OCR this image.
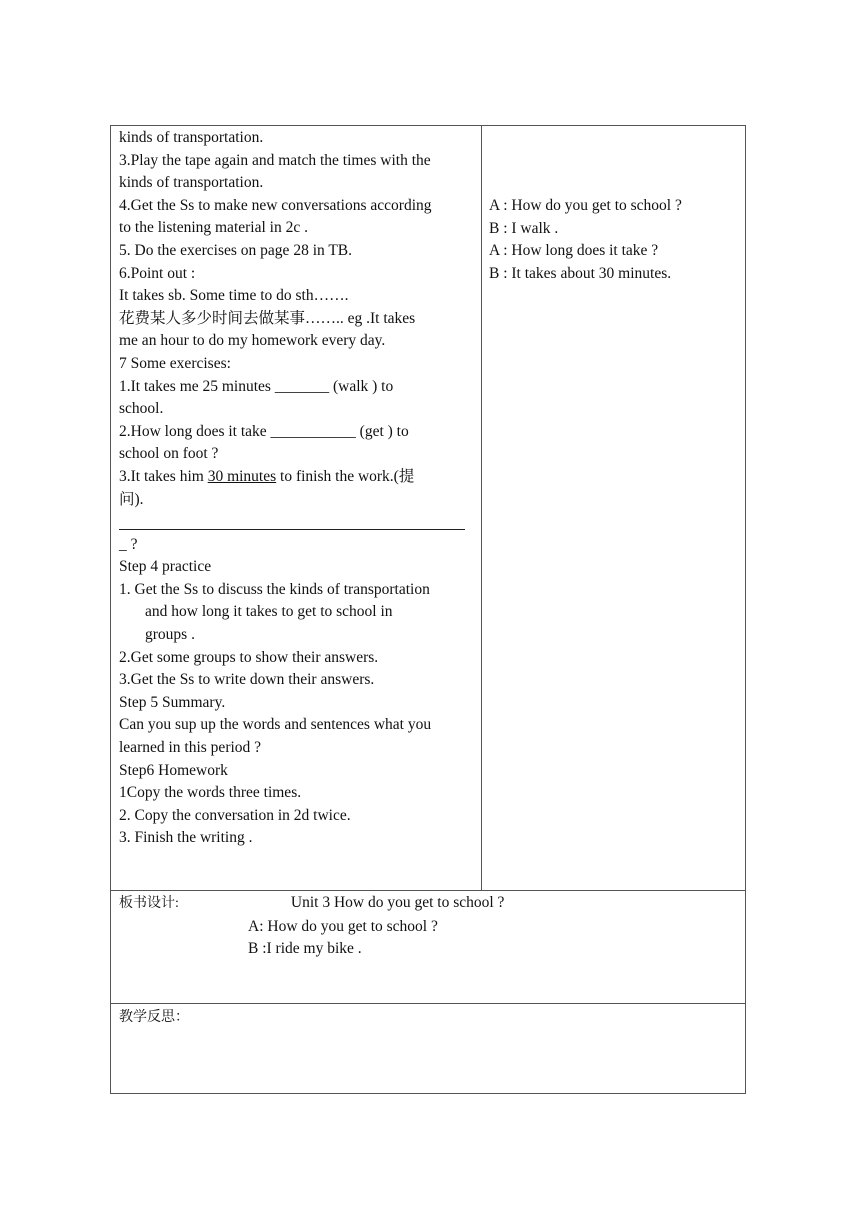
kinds of transportation.
3.Play the tape again and match the times with the
kinds of transportation.
4.Get the Ss to make new conversations according
to the listening material in 2c .
5. Do the exercises on page 28 in TB.
6.Point out :
It takes sb. Some time to do sth…….
花费某人多少时间去做某事…….. eg .It takes
me an hour to do my homework every day.
7 Some exercises:
1.It takes me 25 minutes _______ (walk ) to
school.
2.How long does it take ___________ (get ) to
school on foot ?
3.It takes him 30 minutes to finish the work.(提
问).
_ ?
Step 4 practice
1. Get the Ss to discuss the kinds of transportation
and how long it takes to get to school in
groups .
2.Get some groups to show their answers.
3.Get the Ss to write down their answers.
Step 5 Summary.
Can you sup up the words and sentences what you
learned in this period ?
Step6 Homework
1Copy the words three times.
2. Copy the conversation in 2d twice.
3. Finish the writing .
A : How do you get to school ?
B : I walk .
A : How long does it take ?
B : It takes about 30 minutes.
板书设计:	Unit 3 How do you get to school ?
A: How do you get to school ?
B :I ride my bike .
教学反思：
